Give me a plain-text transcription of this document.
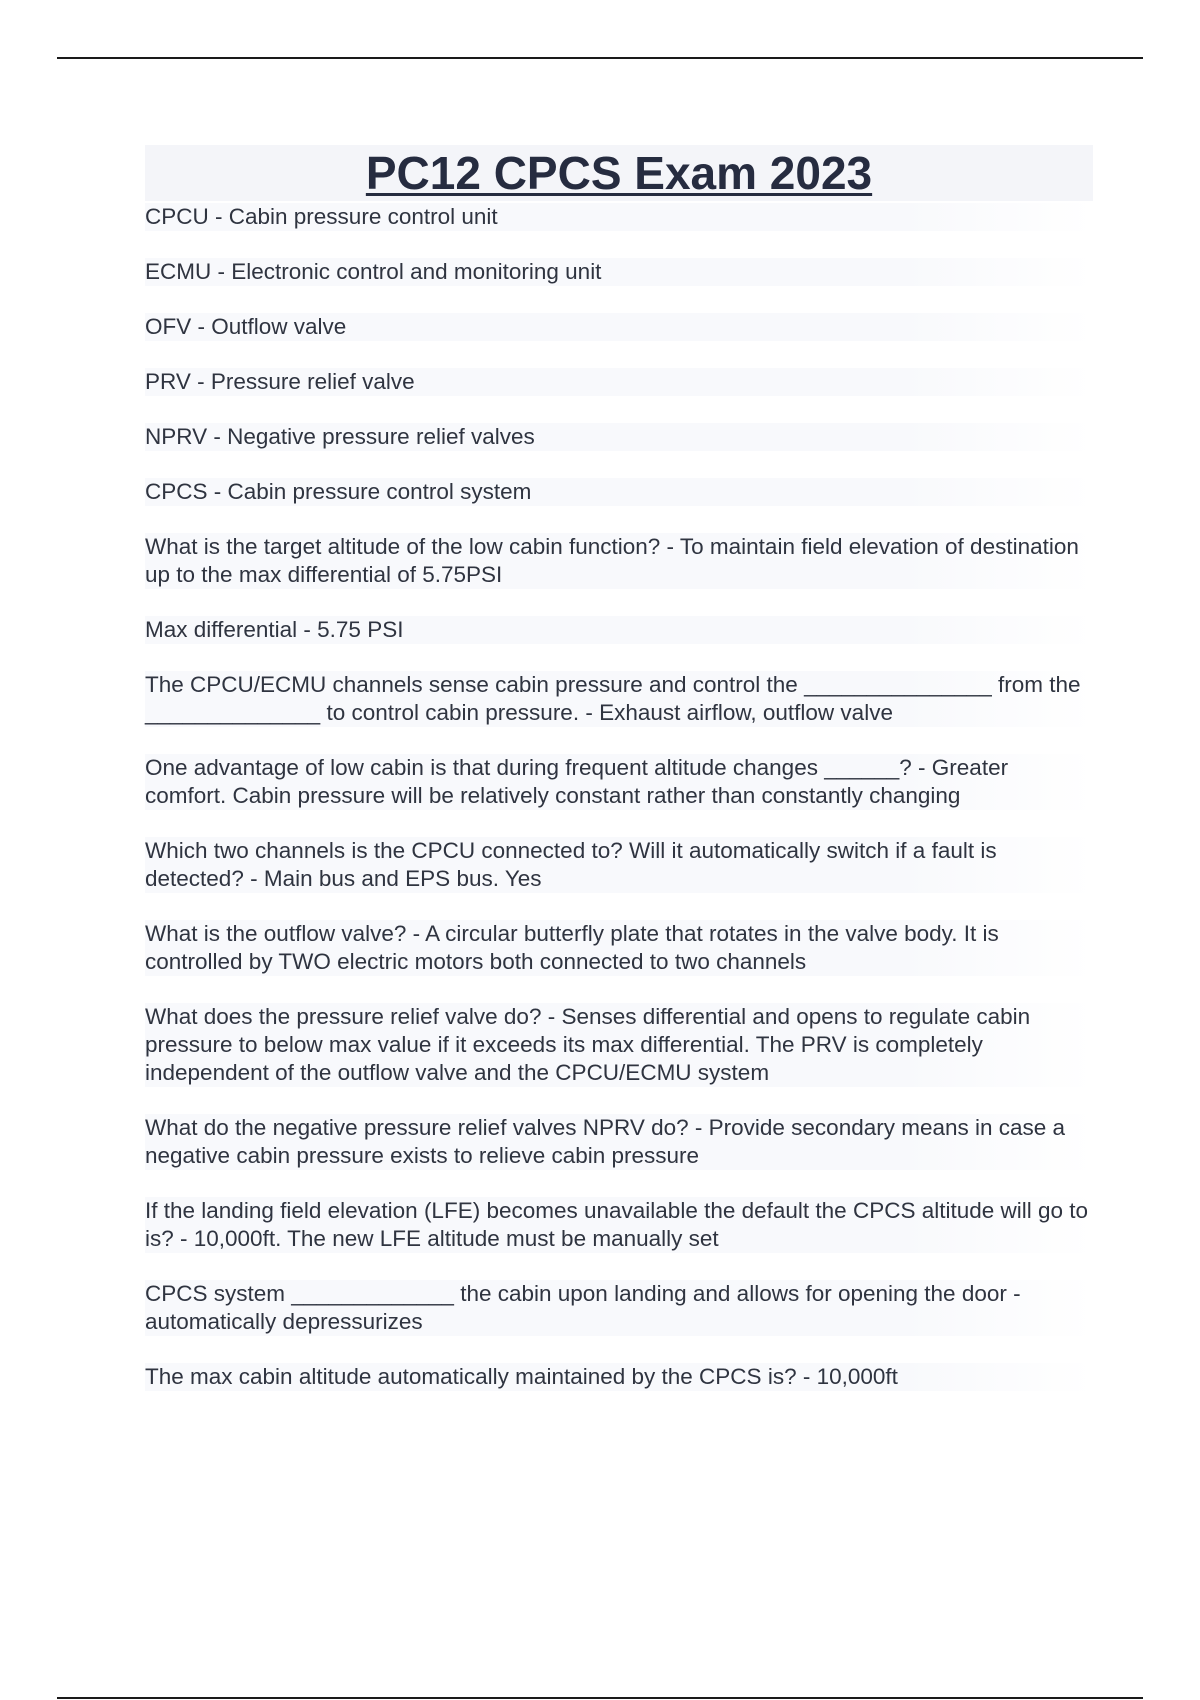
PC12 CPCS Exam 2023
CPCU - Cabin pressure control unit
ECMU - Electronic control and monitoring unit
OFV - Outflow valve
PRV - Pressure relief valve
NPRV - Negative pressure relief valves
CPCS - Cabin pressure control system
What is the target altitude of the low cabin function? - To maintain field elevation of destination up to the max differential of 5.75PSI
Max differential - 5.75 PSI
The CPCU/ECMU channels sense cabin pressure and control the _______________ from the ______________ to control cabin pressure. - Exhaust airflow, outflow valve
One advantage of low cabin is that during frequent altitude changes ______? - Greater comfort. Cabin pressure will be relatively constant rather than constantly changing
Which two channels is the CPCU connected to? Will it automatically switch if a fault is detected? - Main bus and EPS bus. Yes
What is the outflow valve? - A circular butterfly plate that rotates in the valve body. It is controlled by TWO electric motors both connected to two channels
What does the pressure relief valve do? - Senses differential and opens to regulate cabin pressure to below max value if it exceeds its max differential. The PRV is completely independent of the outflow valve and the CPCU/ECMU system
What do the negative pressure relief valves NPRV do? - Provide secondary means in case a negative cabin pressure exists to relieve cabin pressure
If the landing field elevation (LFE) becomes unavailable the default the CPCS altitude will go to is? - 10,000ft. The new LFE altitude must be manually set
CPCS system _____________ the cabin upon landing and allows for opening the door - automatically depressurizes
The max cabin altitude automatically maintained by the CPCS is? - 10,000ft
